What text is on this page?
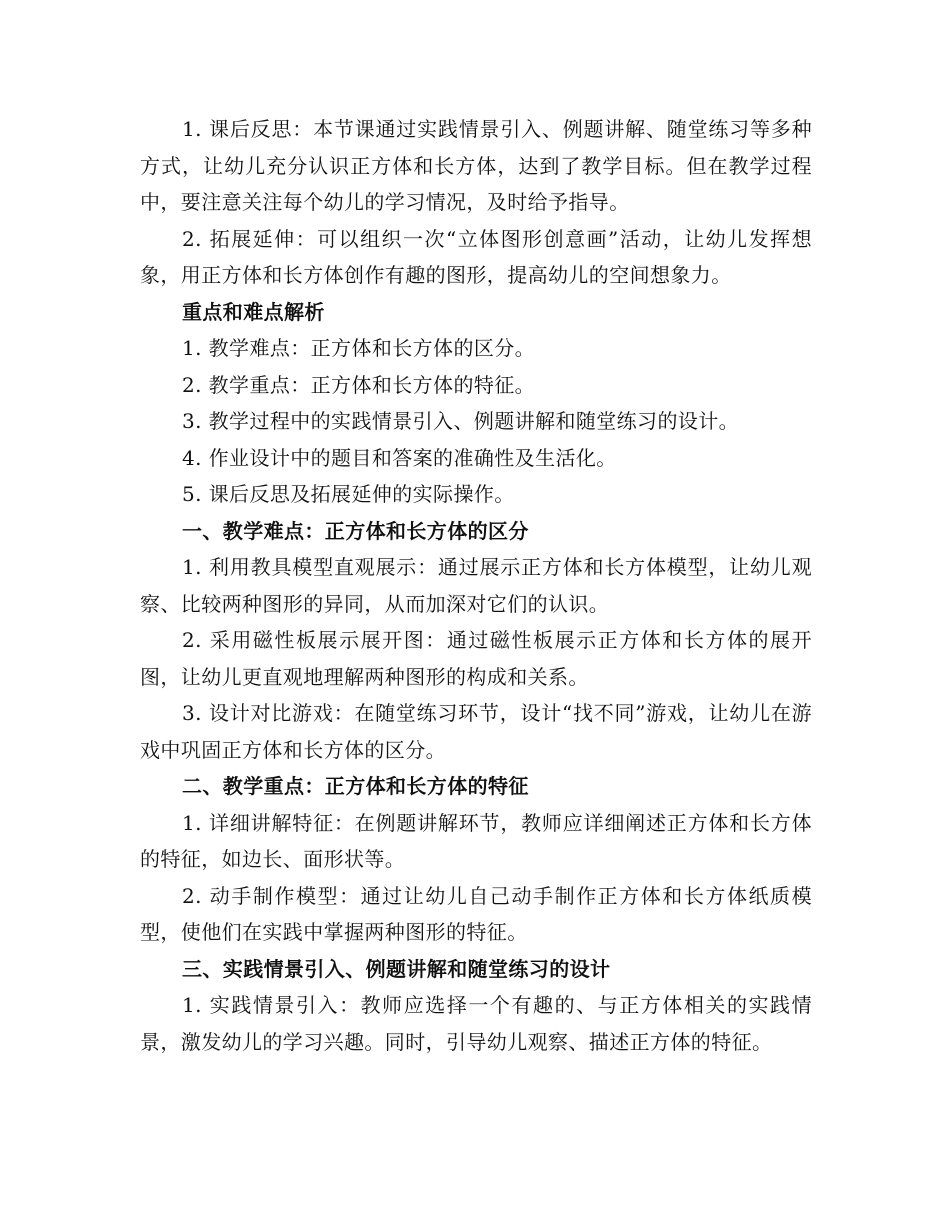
1. 课后反思：本节课通过实践情景引入、例题讲解、随堂练习等多种方式，让幼儿充分认识正方体和长方体，达到了教学目标。但在教学过程中，要注意关注每个幼儿的学习情况，及时给予指导。

2. 拓展延伸：可以组织一次“立体图形创意画”活动，让幼儿发挥想象，用正方体和长方体创作有趣的图形，提高幼儿的空间想象力。

重点和难点解析

1. 教学难点：正方体和长方体的区分。

2. 教学重点：正方体和长方体的特征。

3. 教学过程中的实践情景引入、例题讲解和随堂练习的设计。

4. 作业设计中的题目和答案的准确性及生活化。

5. 课后反思及拓展延伸的实际操作。

一、教学难点：正方体和长方体的区分

1. 利用教具模型直观展示：通过展示正方体和长方体模型，让幼儿观察、比较两种图形的异同，从而加深对它们的认识。

2. 采用磁性板展示展开图：通过磁性板展示正方体和长方体的展开图，让幼儿更直观地理解两种图形的构成和关系。

3. 设计对比游戏：在随堂练习环节，设计“找不同”游戏，让幼儿在游戏中巩固正方体和长方体的区分。

二、教学重点：正方体和长方体的特征

1. 详细讲解特征：在例题讲解环节，教师应详细阐述正方体和长方体的特征，如边长、面形状等。

2. 动手制作模型：通过让幼儿自己动手制作正方体和长方体纸质模型，使他们在实践中掌握两种图形的特征。

三、实践情景引入、例题讲解和随堂练习的设计

1. 实践情景引入：教师应选择一个有趣的、与正方体相关的实践情景，激发幼儿的学习兴趣。同时，引导幼儿观察、描述正方体的特征。
